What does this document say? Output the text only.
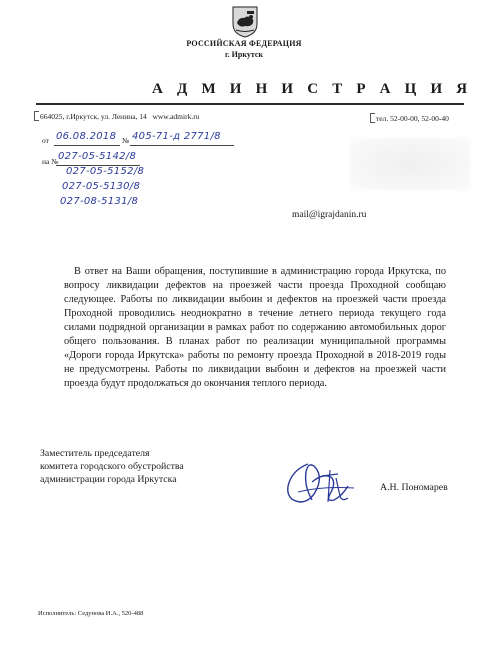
РОССИЙСКАЯ ФЕДЕРАЦИЯ
г. Иркутск
А Д М И Н И С Т Р А Ц И Я
664025, г.Иркутск, ул. Ленина, 14 www.admirk.ru	тел. 52-00-00, 52-00-40
от 06.08.2018 № 405-71-д 2771/8
на № 027-05-5142/8
027-05-5152/8
027-05-5130/8
027-08-5131/8
mail@igrajdanin.ru
В ответ на Ваши обращения, поступившие в администрацию города Иркутска, по вопросу ликвидации дефектов на проезжей части проезда Проходной сообщаю следующее. Работы по ликвидации выбоин и дефектов на проезжей части проезда Проходной проводились неоднократно в течение летнего периода текущего года силами подрядной организации в рамках работ по содержанию автомобильных дорог общего пользования. В планах работ по реализации муниципальной программы «Дороги города Иркутска» работы по ремонту проезда Проходной в 2018-2019 годы не предусмотрены. Работы по ликвидации выбоин и дефектов на проезжей части проезда будут продолжаться до окончания теплого периода.
Заместитель председателя
комитета городского обустройства
администрации города Иркутска
А.Н. Пономарев
Исполнитель: Седунова И.А., 520-488
